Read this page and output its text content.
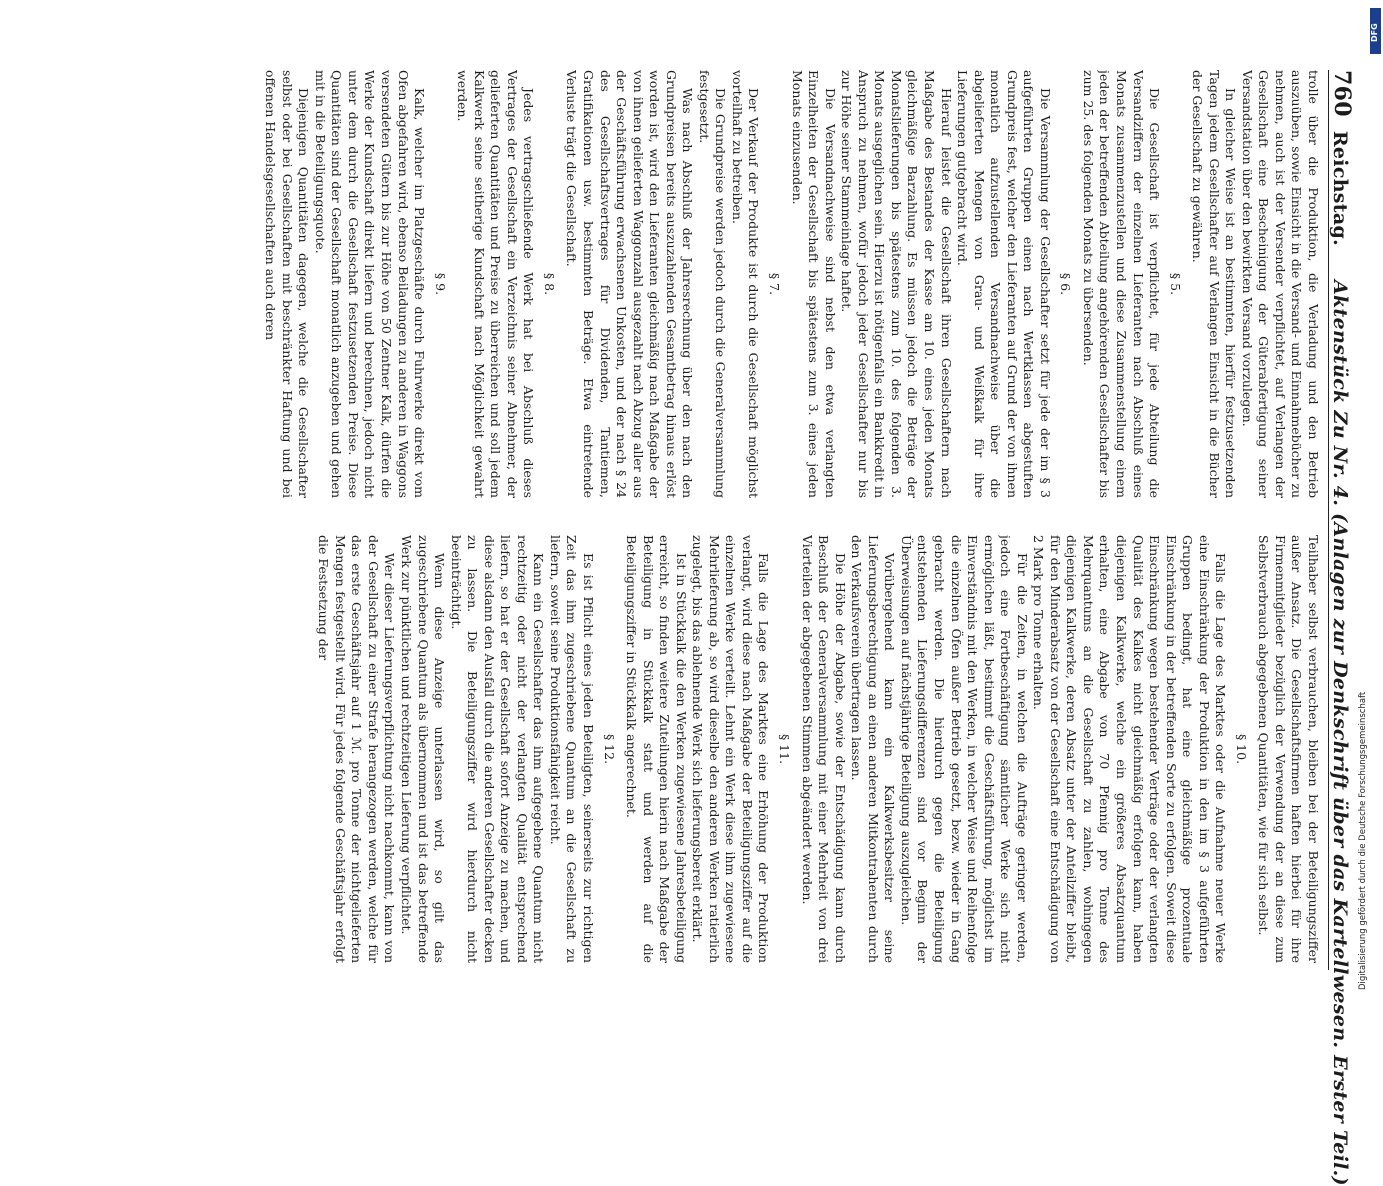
760
Reichstag.
Aktenstück Zu Nr. 4. (Anlagen zur Denkschrift über das Kartellwesen. Erster Teil.)

trolle über die Produktion, die Verladung und den Betrieb auszuüben, sowie Einsicht in die Versand- und Einnahmebücher zu nehmen, auch ist der Versender verpflichtet, auf Verlangen der Gesellschaft eine Bescheinigung der Güterabfertigung seiner Versandstation über den bewirkten Versand vorzulegen.

In gleicher Weise ist an bestimmten, hierfür festzusetzenden Tagen jedem Gesellschafter auf Verlangen Einsicht in die Bücher der Gesellschaft zu gewähren.

§ 5.

Die Gesellschaft ist verpflichtet, für jede Abteilung die Versandziffern der einzelnen Lieferanten nach Abschluß eines Monats zusammenzustellen und diese Zusammenstellung einem jeden der betreffenden Abteilung angehörenden Gesellschafter bis zum 25. des folgenden Monats zu übersenden.

§ 6.

Die Versammlung der Gesellschafter setzt für jede der im § 3 aufgeführten Gruppen einen nach Wertklassen abgestuften Grundpreis fest, welcher den Lieferanten auf Grund der von ihnen monatlich aufzustellenden Versandnachweise über die abgelieferten Mengen von Grau- und Weißkalk für ihre Lieferungen gutgebracht wird.

Hierauf leistet die Gesellschaft ihren Gesellschaftern nach Maßgabe des Bestandes der Kasse am 10. eines jeden Monats gleichmäßige Barzahlung. Es müssen jedoch die Beträge der Monatslieferungen bis spätestens zum 10. des folgenden 3. Monats ausgeglichen sein. Hierzu ist nötigenfalls ein Bankkredit in Anspruch zu nehmen, wofür jedoch jeder Gesellschafter nur bis zur Höhe seiner Stammeinlage haftet.

Die Versandnachweise sind nebst den etwa verlangten Einzelheiten der Gesellschaft bis spätestens zum 3. eines jeden Monats einzusenden.

§ 7.

Der Verkauf der Produkte ist durch die Gesellschaft möglichst vorteilhaft zu betreiben.

Die Grundpreise werden jedoch durch die Generalversammlung festgesetzt.

Was nach Abschluß der Jahresrechnung über den nach den Grundpreisen bereits auszuzahlenden Gesamtbetrag hinaus erlöst worden ist, wird den Lieferanten gleichmäßig nach Maßgabe der von ihnen gelieferten Waggonzahl ausgezahlt nach Abzug aller aus der Geschäftsführung erwachsenen Unkosten, und der nach § 24 des Gesellschaftsvertrages für Dividenden, Tantiemen, Gratifikationen usw. bestimmten Beträge. Etwa eintretende Verluste trägt die Gesellschaft.

§ 8.

Jedes vertragschließende Werk hat bei Abschluß dieses Vertrages der Gesellschaft ein Verzeichnis seiner Abnehmer, der gelieferten Quantitäten und Preise zu überreichen und soll jedem Kalkwerk seine seitherige Kundschaft nach Möglichkeit gewahrt werden.

§ 9.

Kalk, welcher im Platzgeschäfte durch Fuhrwerke direkt vom Ofen abgefahren wird, ebenso Beiladungen zu anderen in Waggons versendeten Gütern bis zur Höhe von 50 Zentner Kalk, dürfen die Werke der Kundschaft direkt liefern und berechnen, jedoch nicht unter dem durch die Gesellschaft festzusetzenden Preise. Diese Quantitäten sind der Gesellschaft monatlich anzugeben und gehen mit in die Beteiligungsquote.

Diejenigen Quantitäten dagegen, welche die Gesellschafter selbst oder bei Gesellschaften mit beschränkter Haftung und bei offenen Handelsgesellschaften auch deren

Teilhaber selbst verbrauchen, bleiben bei der Beteiligungsziffer außer Ansatz. Die Gesellschaftsfirmen haften hierbei für ihre Firmenmitglieder bezüglich der Verwendung der an diese zum Selbstverbrauch abgegebenen Quantitäten, wie für sich selbst.

§ 10.

Falls die Lage des Marktes oder die Aufnahme neuer Werke eine Einschränkung der Produktion in den im § 3 aufgeführten Gruppen bedingt, hat eine gleichmäßige prozentuale Einschränkung in der betreffenden Sorte zu erfolgen. Soweit diese Einschränkung wegen bestehender Verträge oder der verlangten Qualität des Kalkes nicht gleichmäßig erfolgen kann, haben diejenigen Kalkwerke, welche ein größeres Absatzquantum erhalten, eine Abgabe von 70 Pfennig pro Tonne des Mehrquantums an die Gesellschaft zu zahlen, wohingegen diejenigen Kalkwerke, deren Absatz unter der Anteilziffer bleibt, für den Minderabsatz von der Gesellschaft eine Entschädigung von 2 Mark pro Tonne erhalten.

Für die Zeiten, in welchen die Aufträge geringer werden, jedoch eine Fortbeschäftigung sämtlicher Werke sich nicht ermöglichen läßt, bestimmt die Geschäftsführung, möglichst im Einverständnis mit den Werken, in welcher Weise und Reihenfolge die einzelnen Öfen außer Betrieb gesetzt, bezw. wieder in Gang gebracht werden. Die hierdurch gegen die Beteiligung entstehenden Lieferungsdifferenzen sind vor Beginn der Überweisungen auf nächstjährige Beteiligung auszugleichen.

Vorübergehend kann ein Kalkwerksbesitzer seine Lieferungsberechtigung an einen anderen Mitkontrahenten durch den Verkaufsverein übertragen lassen.

Die Höhe der Abgabe, sowie der Entschädigung kann durch Beschluß der Generalversammlung mit einer Mehrheit von drei Vierteilen der abgegebenen Stimmen abgeändert werden.

§ 11.

Falls die Lage des Marktes eine Erhöhung der Produktion verlangt, wird diese nach Maßgabe der Beteiligungsziffer auf die einzelnen Werke verteilt. Lehnt ein Werk diese ihm zugewiesene Mehrlieferung ab, so wird dieselbe den anderen Werken ratierlich zugelegt, bis das ablehnende Werk sich lieferungsbereit erklärt.

Ist in Stückkalk die den Werken zugewiesene Jahresbeteiligung erreicht, so finden weitere Zuteilungen hierin nach Maßgabe der Beteiligung in Stückkalk statt und werden auf die Beteiligungsziffer in Stückkalk angerechnet.

§ 12.

Es ist Pflicht eines jeden Beteiligten, seinerseits zur richtigen Zeit das ihm zugeschriebene Quantum an die Gesellschaft zu liefern, soweit seine Produktionsfähigkeit reicht.

Kann ein Gesellschafter das ihm aufgegebene Quantum nicht rechtzeitig oder nicht der verlangten Qualität entsprechend liefern, so hat er der Gesellschaft sofort Anzeige zu machen, und diese alsdann den Ausfall durch die anderen Gesellschafter decken zu lassen. Die Beteiligungsziffer wird hierdurch nicht beeinträchtigt.

Wenn diese Anzeige unterlassen wird, so gilt das zugeschriebene Quantum als übernommen und ist das betreffende Werk zur pünktlichen und rechtzeitigen Lieferung verpflichtet.

Wer dieser Lieferungsverpflichtung nicht nachkommt, kann von der Gesellschaft zu einer Strafe herangezogen werden, welche für das erste Geschäftsjahr auf 1 ℳ. pro Tonne der nichtgelieferten Mengen festgestellt wird. Für jedes folgende Geschäftsjahr erfolgt die Festsetzung der

Digitalisierung gefördert durch die Deutsche Forschungsgemeinschaft
DFG
